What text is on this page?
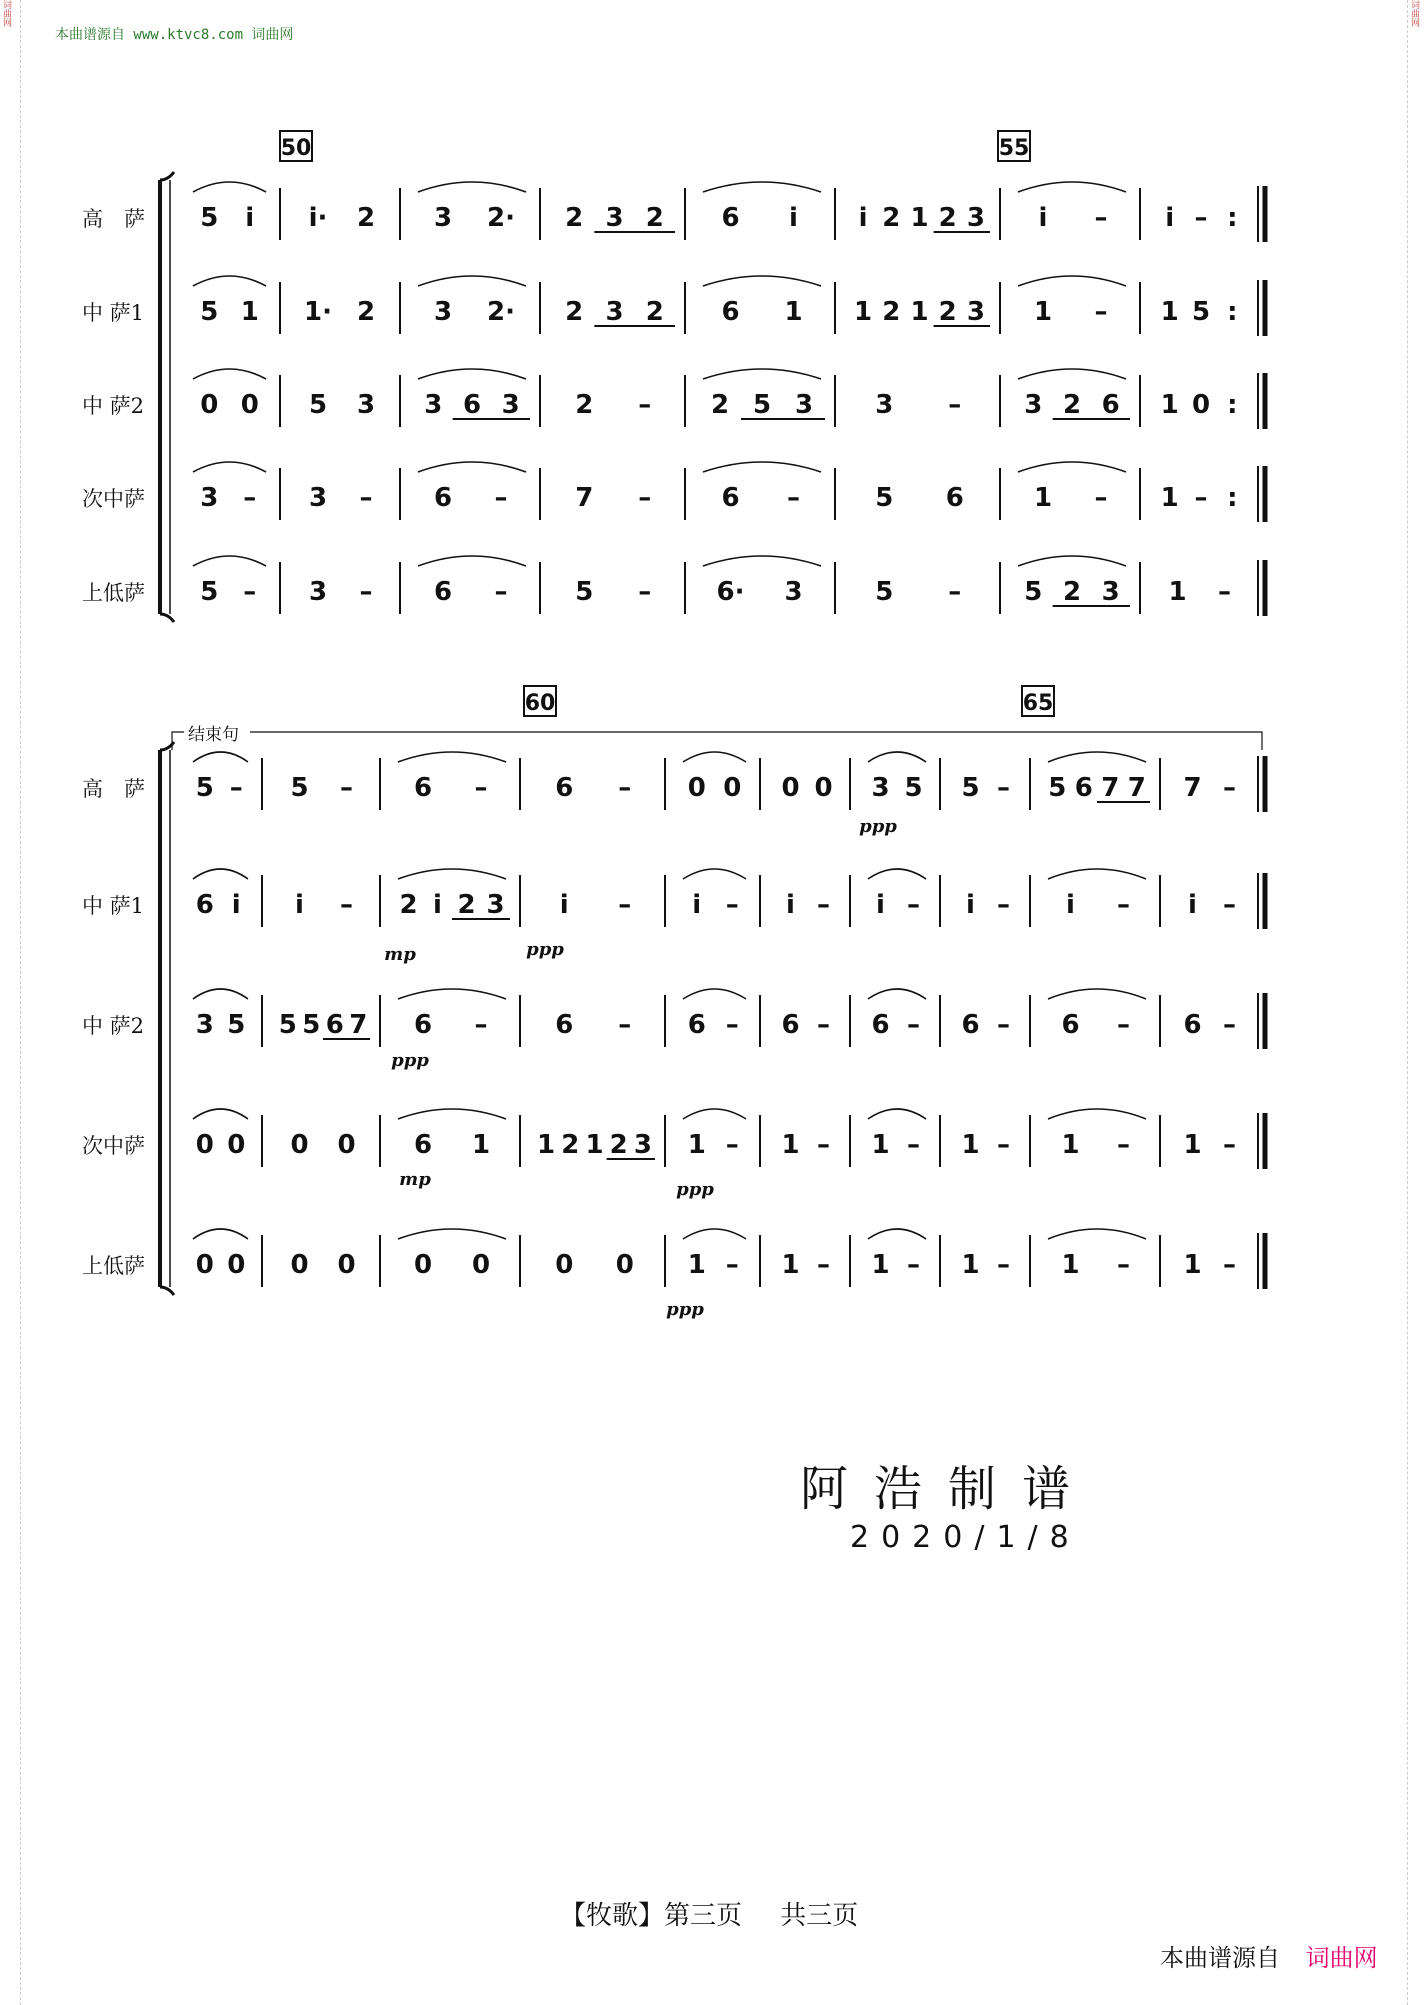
词曲网	词曲网
本曲谱源自 www.ktvc8.com 词曲网
50	55
高　萨 5 i i· 2 3 2· 2 3 2 6 i i 2 1 2 3 i – i – :
中 萨1 5 1 1· 2 3 2· 2 3 2 6 1 1 2 1 2 3 1 – 1 5 :
中 萨2 0 0 5 3 3 6 3 2 – 2 5 3 3 – 3 2 6 1 0 :
次中萨 3 – 3 – 6 –	7 –	6 –	5 6	1 – 1 – :
上低萨 5 – 3 – 6 –	5 –	6· 3	5 – 5 2 3 1 –
60	65
高　萨 5 – 5 – 6 –	6 – 0 0 0 0 3 5 5 – 5 6 7 7 7 –
中 萨1 6 i i – 2 i 2 3 i – i – i – i – i – i – i –
中 萨2 3 5 5 5 6 7 6 –	6 – 6 – 6 – 6 – 6 – 6 – 6 –
次中萨 0 0 0 0 6 1 1 2 1 2 3 1 – 1 – 1 – 1 – 1 – 1 –
上低萨 0 0 0 0 0 0	0 0 1 – 1 – 1 – 1 – 1 – 1 –
结束句
ppp
mp	ppp
ppp
mp	ppp
ppp
阿浩制谱
2020/1/8
【牧歌】第三页 共三页
本曲谱源自 词曲网
